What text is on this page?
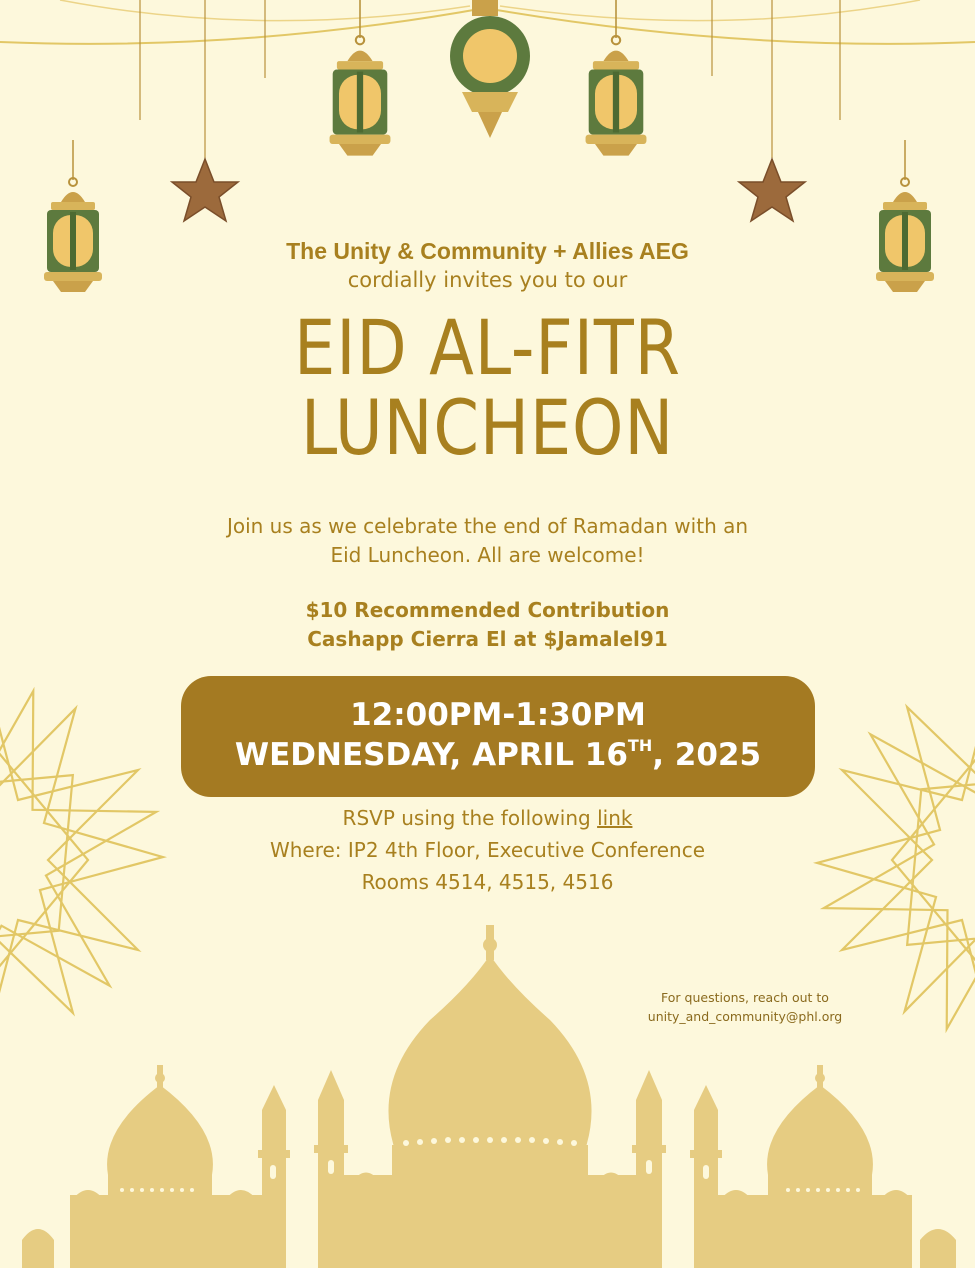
The Unity & Community + Allies AEG
cordially invites you to our
EID AL-FITR
LUNCHEON
Join us as we celebrate the end of Ramadan with an
Eid Luncheon. All are welcome!
$10 Recommended Contribution
Cashapp Cierra El at $Jamalel91
12:00PM-1:30PM
WEDNESDAY, APRIL 16TH, 2025
RSVP using the following link
Where: IP2 4th Floor, Executive Conference
Rooms 4514, 4515, 4516
For questions, reach out to
unity_and_community@phl.org
